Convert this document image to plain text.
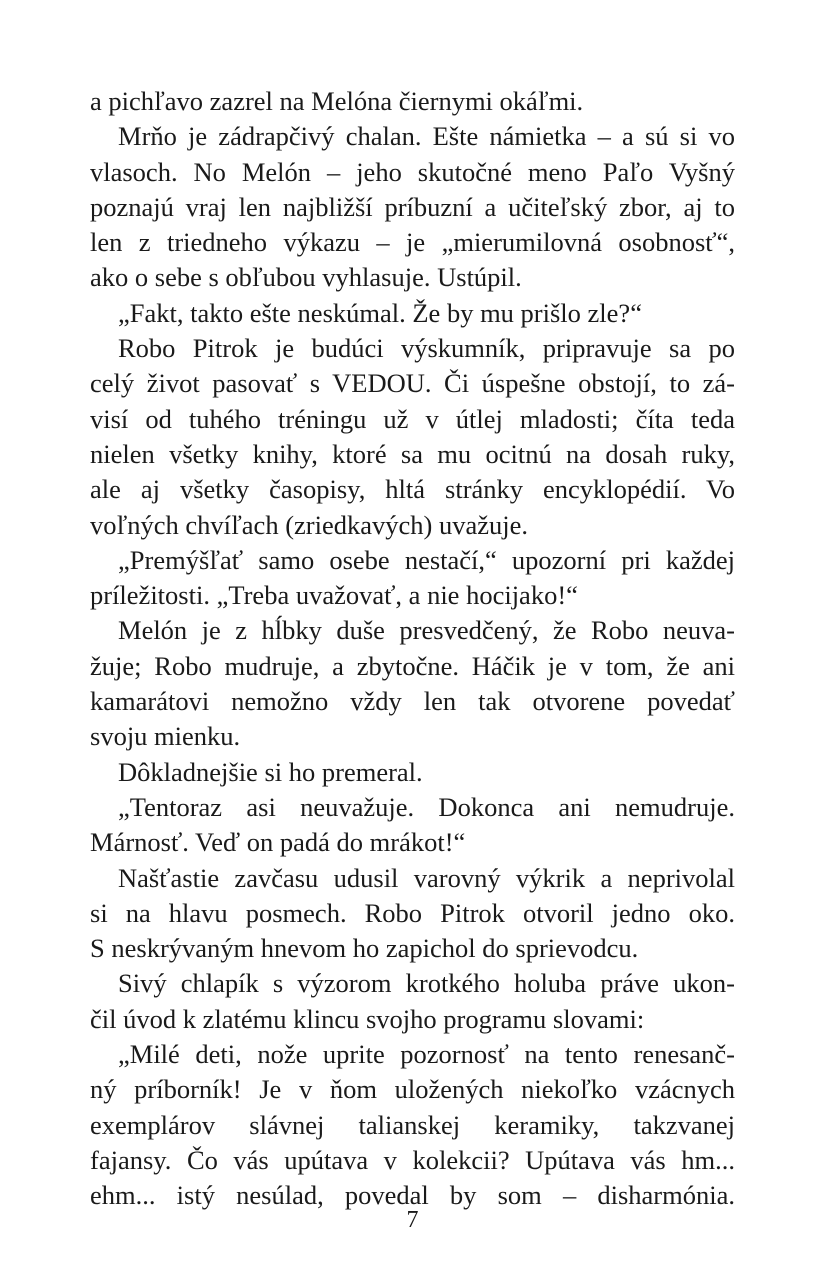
a pichľavo zazrel na Melóna čiernymi okáľmi.
Mrňo je zádrapčivý chalan. Ešte námietka – a sú si vo
vlasoch. No Melón – jeho skutočné meno Paľo Vyšný
poznajú vraj len najbližší príbuzní a učiteľský zbor, aj to
len z triedneho výkazu – je „mierumilovná osobnosť“,
ako o sebe s obľubou vyhlasuje. Ustúpil.
„Fakt, takto ešte neskúmal. Že by mu prišlo zle?“
Robo Pitrok je budúci výskumník, pripravuje sa po
celý život pasovať s VEDOU. Či úspešne obstojí, to zá-
visí od tuhého tréningu už v útlej mladosti; číta teda
nielen všetky knihy, ktoré sa mu ocitnú na dosah ruky,
ale aj všetky časopisy, hltá stránky encyklopédií. Vo
voľných chvíľach (zriedkavých) uvažuje.
„Premýšľať samo osebe nestačí,“ upozorní pri každej
príležitosti. „Treba uvažovať, a nie hocijako!“
Melón je z hĺbky duše presvedčený, že Robo neuva-
žuje; Robo mudruje, a zbytočne. Háčik je v tom, že ani
kamarátovi nemožno vždy len tak otvorene povedať
svoju mienku.
Dôkladnejšie si ho premeral.
„Tentoraz asi neuvažuje. Dokonca ani nemudruje.
Márnosť. Veď on padá do mrákot!“
Našťastie zavčasu udusil varovný výkrik a neprivolal
si na hlavu posmech. Robo Pitrok otvoril jedno oko.
S neskrývaným hnevom ho zapichol do sprievodcu.
Sivý chlapík s výzorom krotkého holuba práve ukon-
čil úvod k zlatému klincu svojho programu slovami:
„Milé deti, nože uprite pozornosť na tento renesanč-
ný príborník! Je v ňom uložených niekoľko vzácnych
exemplárov slávnej talianskej keramiky, takzvanej
fajansy. Čo vás upútava v kolekcii? Upútava vás hm...
ehm... istý nesúlad, povedal by som – disharmónia.
7
